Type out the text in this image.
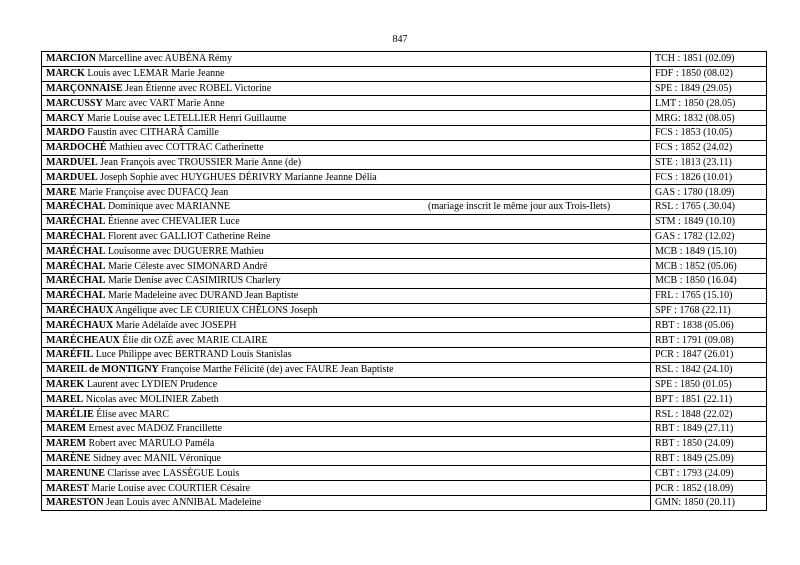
847
MARCION Marcelline avec AUBÉNA Rémy	TCH : 1851 (02.09)
MARCK Louis avec LEMAR Marie Jeanne	FDF : 1850 (08.02)
MARÇONNAISE Jean Étienne avec ROBEL Victorine	SPE : 1849 (29.05)
MARCUSSY Marc avec VART Marie Anne	LMT : 1850 (28.05)
MARCY Marie Louise avec LETELLIER Henri Guillaume	MRG: 1832 (08.05)
MARDO Faustin avec CITHARÂ Camille	FCS : 1853 (10.05)
MARDOCHÉ Mathieu avec COTTRAC Catherinette	FCS : 1852 (24.02)
MARDUEL Jean François avec TROUSSIER Marie Anne (de)	STE : 1813 (23.11)
MARDUEL Joseph Sophie avec HUYGHUES DÉRIVRY Marianne Jeanne Délia	FCS : 1826 (10.01)
MARE Marie Françoise avec DUFACQ Jean	GAS : 1780 (18.09)
MARÉCHAL Dominique avec MARIANNE (mariage inscrit le même jour aux Trois-Ilets)	RSL : 1765 (.30.04)
MARÉCHAL Étienne avec CHEVALIER Luce	STM : 1849 (10.10)
MARÉCHAL Florent avec GALLIOT Catherine Reine	GAS : 1782 (12.02)
MARÉCHAL Louisonne avec DUGUERRE Mathieu	MCB : 1849 (15.10)
MARÉCHAL Marie Céleste avec SIMONARD André	MCB : 1852 (05.06)
MARÉCHAL Marie Denise avec CASIMIRIUS Charlery	MCB : 1850 (16.04)
MARÉCHAL Marie Madeleine avec DURAND Jean Baptiste	FRL : 1765 (15.10)
MARÉCHAUX Angélique avec LE CURIEUX CHÊLONS Joseph	SPF : 1768 (22.11)
MARÉCHAUX Marie Adélaïde avec JOSEPH	RBT : 1838 (05.06)
MARÉCHEAUX Élie dit OZÉ avec MARIE CLAIRE	RBT : 1791 (09.08)
MARÉFIL Luce Philippe avec BERTRAND Louis Stanislas	PCR : 1847 (26.01)
MAREIL de MONTIGNY Françoise Marthe Félicité (de) avec FAURE Jean Baptiste	RSL : 1842 (24.10)
MAREK Laurent avec LYDIEN Prudence	SPE : 1850 (01.05)
MAREL Nicolas avec MOLINIER Zabeth	BPT : 1851 (22.11)
MARÉLIE Élise avec MARC	RSL : 1848 (22.02)
MAREM Ernest avec MADOZ Francillette	RBT : 1849 (27.11)
MAREM Robert avec MARULO Paméla	RBT : 1850 (24.09)
MARÈNE Sidney avec MANIL Véronique	RBT : 1849 (25.09)
MARENUNE Clarisse avec LASSÈGUE Louis	CBT : 1793 (24.09)
MAREST Marie Louise avec COURTIER Césaire	PCR : 1852 (18.09)
MARESTON Jean Louis avec ANNIBAL Madeleine	GMN: 1850 (20.11)
